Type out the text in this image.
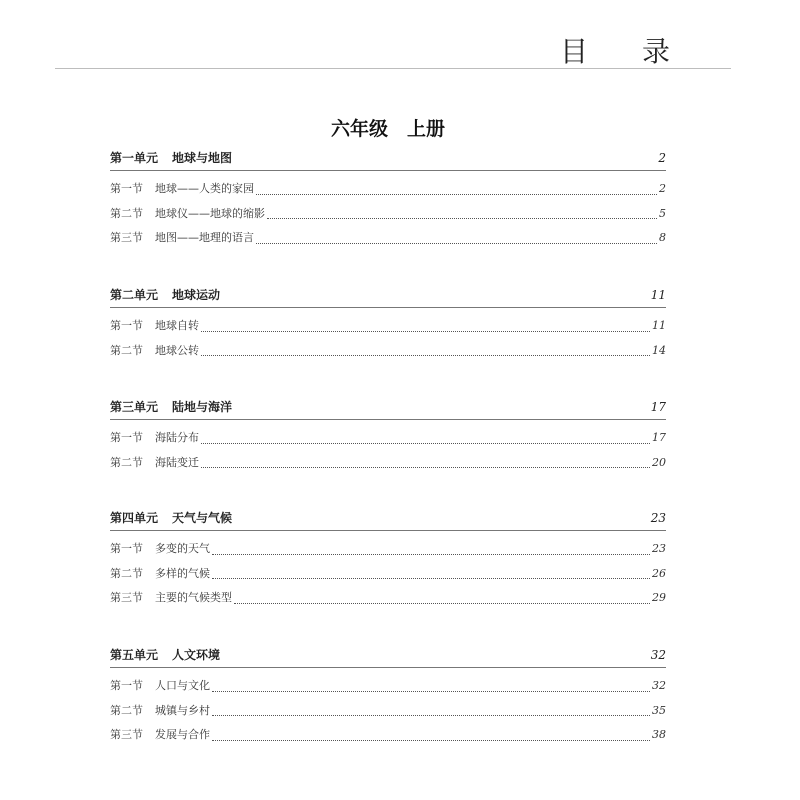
目 录
六年级　上册
第一单元 地球与地图	2
第一节 地球——人类的家园	2
第二节 地球仪——地球的缩影	5
第三节 地图——地理的语言	8
第二单元 地球运动	11
第一节 地球自转	11
第二节 地球公转	14
第三单元 陆地与海洋	17
第一节 海陆分布	17
第二节 海陆变迁	20
第四单元 天气与气候	23
第一节 多变的天气	23
第二节 多样的气候	26
第三节 主要的气候类型	29
第五单元 人文环境	32
第一节 人口与文化	32
第二节 城镇与乡村	35
第三节 发展与合作	38
